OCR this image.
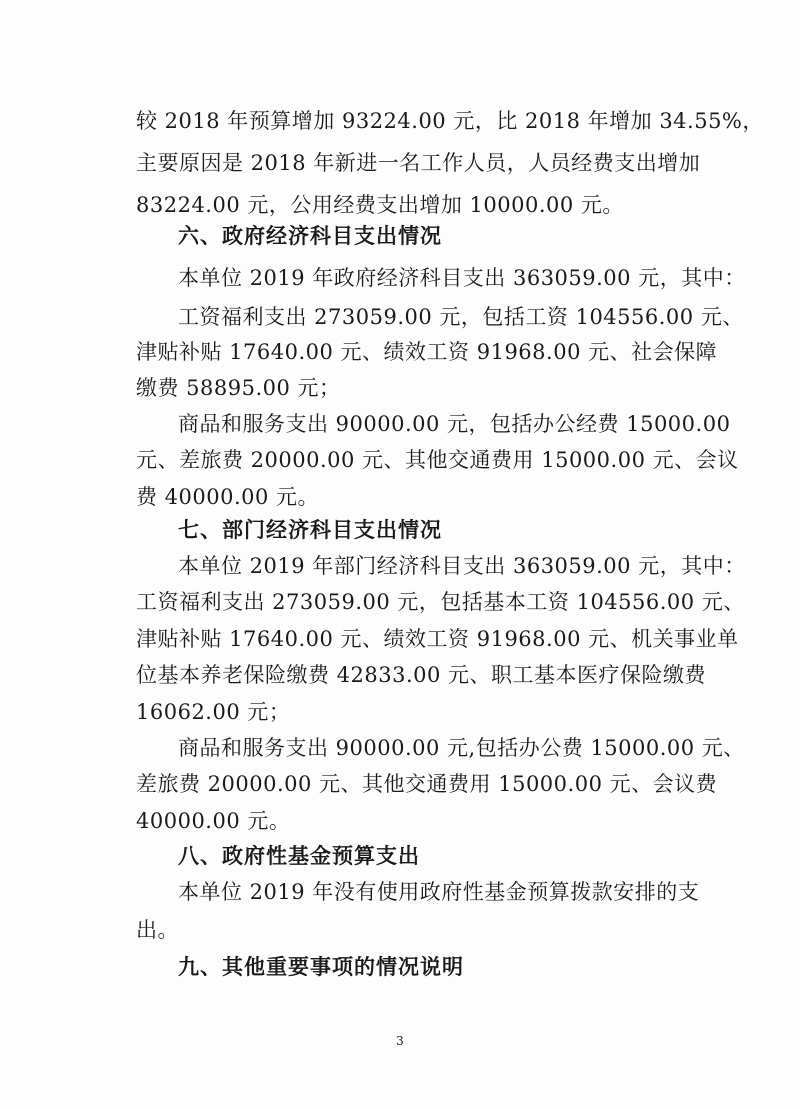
较 2018 年预算增加 93224.00 元，比 2018 年增加 34.55%，
主要原因是 2018 年新进一名工作人员，人员经费支出增加
83224.00 元，公用经费支出增加 10000.00 元。
六、政府经济科目支出情况
本单位 2019 年政府经济科目支出 363059.00 元，其中：
工资福利支出 273059.00 元，包括工资 104556.00 元、
津贴补贴 17640.00 元、绩效工资 91968.00 元、社会保障
缴费 58895.00 元；
商品和服务支出 90000.00 元，包括办公经费 15000.00
元、差旅费 20000.00 元、其他交通费用 15000.00 元、会议
费 40000.00 元。
七、部门经济科目支出情况
本单位 2019 年部门经济科目支出 363059.00 元，其中：
工资福利支出 273059.00 元，包括基本工资 104556.00 元、
津贴补贴 17640.00 元、绩效工资 91968.00 元、机关事业单
位基本养老保险缴费 42833.00 元、职工基本医疗保险缴费
16062.00 元；
商品和服务支出 90000.00 元,包括办公费 15000.00 元、
差旅费 20000.00 元、其他交通费用 15000.00 元、会议费
40000.00 元。
八、政府性基金预算支出
本单位 2019 年没有使用政府性基金预算拨款安排的支
出。
九、其他重要事项的情况说明
3
